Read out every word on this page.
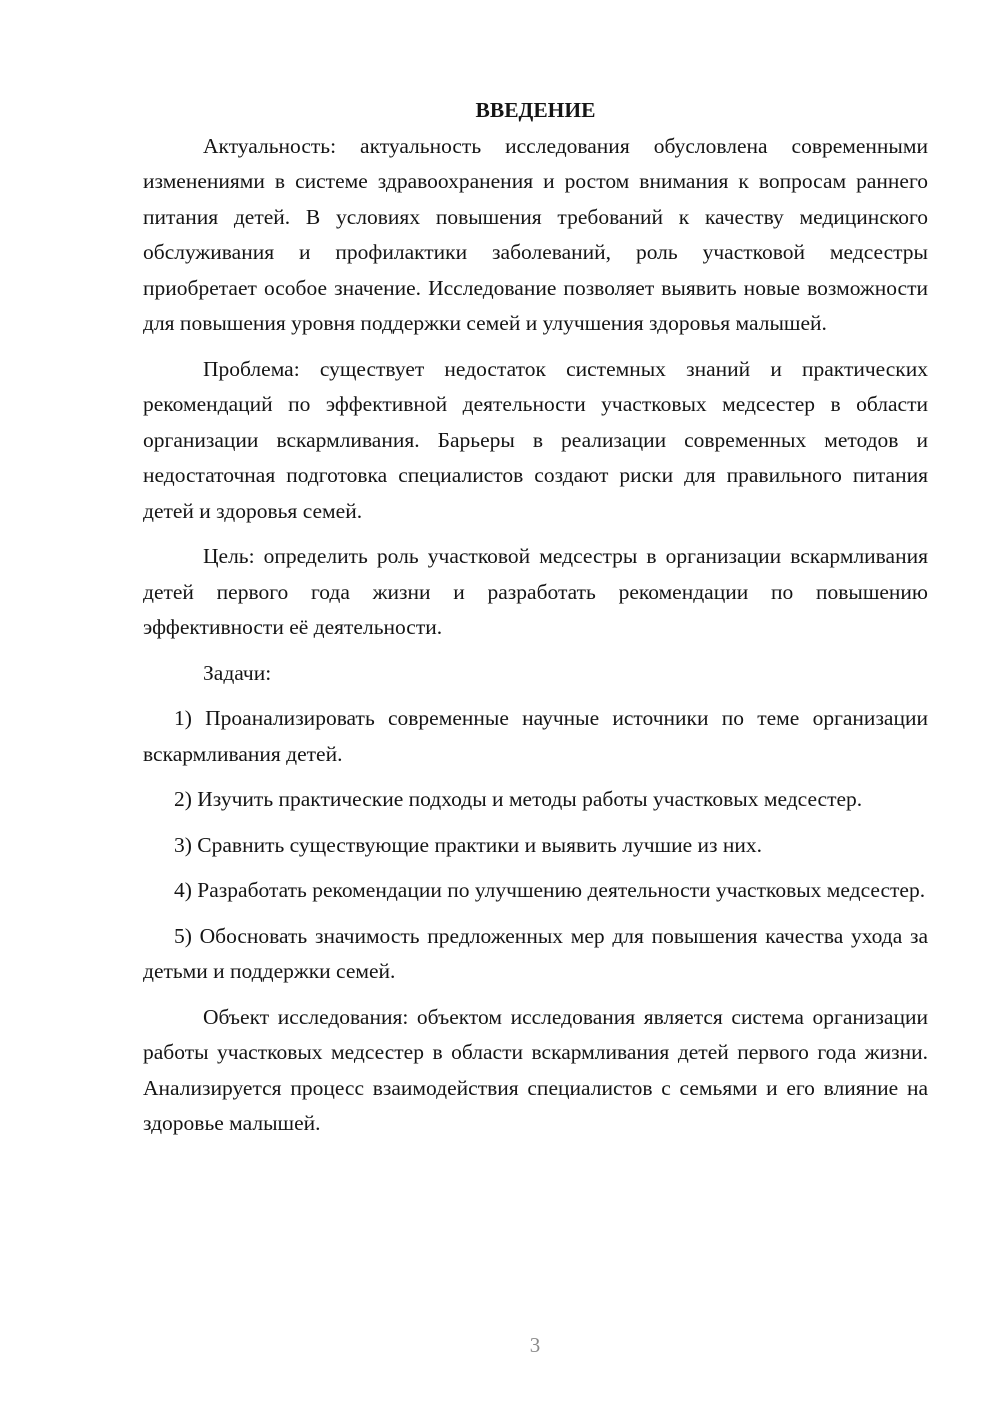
ВВЕДЕНИЕ

Актуальность: актуальность исследования обусловлена современными изменениями в системе здравоохранения и ростом внимания к вопросам раннего питания детей. В условиях повышения требований к качеству медицинского обслуживания и профилактики заболеваний, роль участковой медсестры приобретает особое значение. Исследование позволяет выявить новые возможности для повышения уровня поддержки семей и улучшения здоровья малышей.

Проблема: существует недостаток системных знаний и практических рекомендаций по эффективной деятельности участковых медсестер в области организации вскармливания. Барьеры в реализации современных методов и недостаточная подготовка специалистов создают риски для правильного питания детей и здоровья семей.

Цель: определить роль участковой медсестры в организации вскармливания детей первого года жизни и разработать рекомендации по повышению эффективности её деятельности.

Задачи:

1) Проанализировать современные научные источники по теме организации вскармливания детей.

2) Изучить практические подходы и методы работы участковых медсестер.

3) Сравнить существующие практики и выявить лучшие из них.

4) Разработать рекомендации по улучшению деятельности участковых медсестер.

5) Обосновать значимость предложенных мер для повышения качества ухода за детьми и поддержки семей.

Объект исследования: объектом исследования является система организации работы участковых медсестер в области вскармливания детей первого года жизни. Анализируется процесс взаимодействия специалистов с семьями и его влияние на здоровье малышей.

3
